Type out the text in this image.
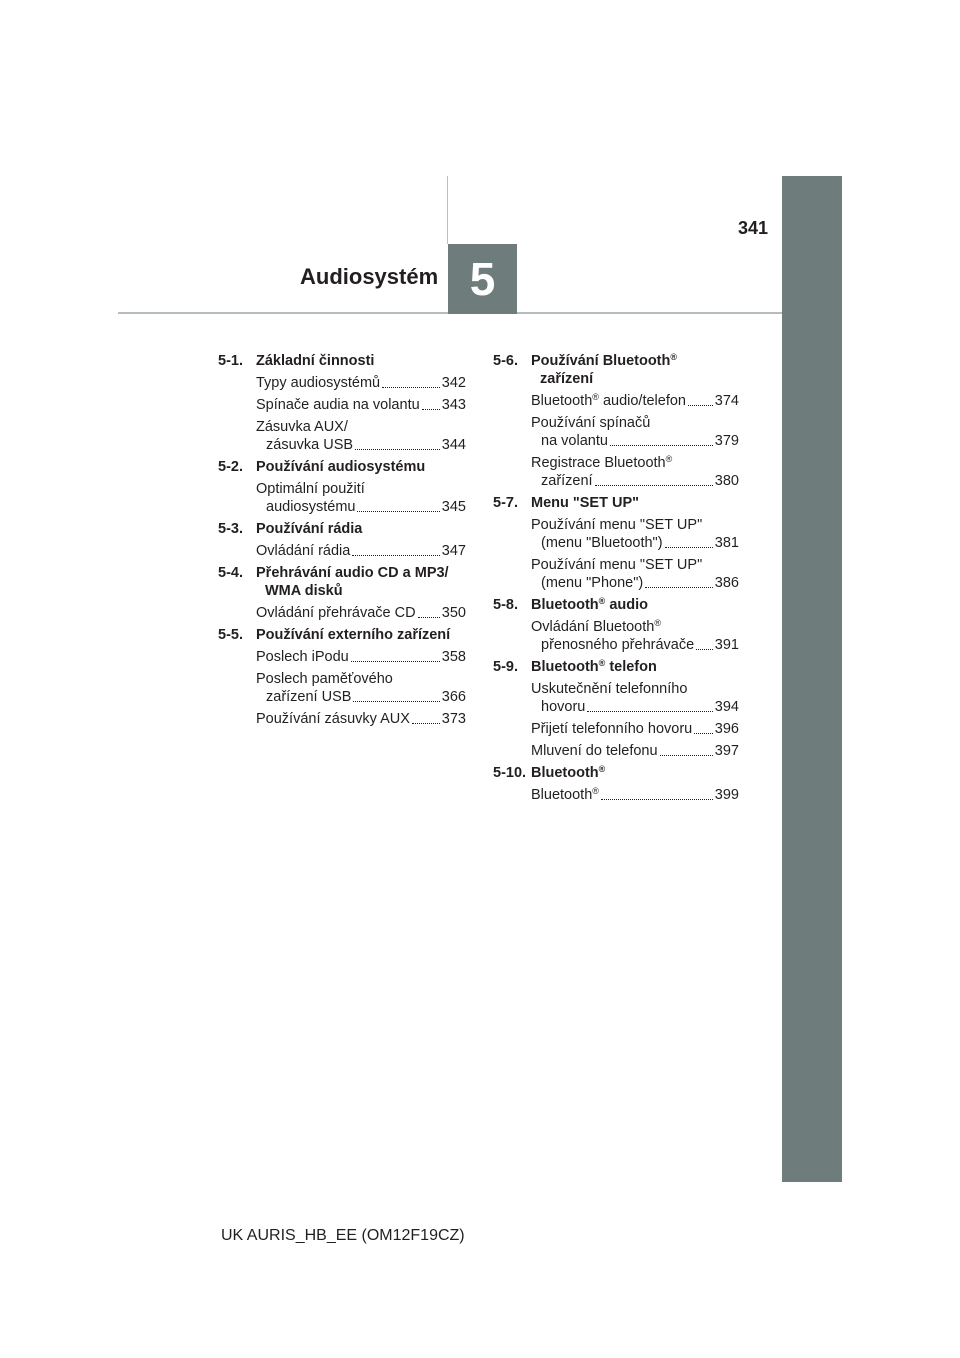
341
Audiosystém 5
5-1. Základní činnosti
Typy audiosystémů	342
Spínače audia na volantu 343
Zásuvka AUX/
zásuvka USB	344
5-2. Používání audiosystému
Optimální použití
audiosystému	345
5-3. Používání rádia
Ovládání rádia	347
5-4. Přehrávání audio CD a MP3/
WMA disků
Ovládání přehrávače CD 350
5-5. Používání externího zařízení
Poslech iPodu	358
Poslech paměťového
zařízení USB	366
Používání zásuvky AUX 373
5-6. Používání Bluetooth®
zařízení
Bluetooth® audio/telefon 374
Používání spínačů
na volantu	379
Registrace Bluetooth®
zařízení	380
5-7. Menu "SET UP"
Používání menu "SET UP"
(menu "Bluetooth")	381
Používání menu "SET UP"
(menu "Phone")	386
5-8. Bluetooth® audio
Ovládání Bluetooth®
přenosného přehrávače 391
5-9. Bluetooth® telefon
Uskutečnění telefonního
hovoru	394
Přijetí telefonního hovoru 396
Mluvení do telefonu	397
5-10. Bluetooth®
Bluetooth®	399
UK AURIS_HB_EE (OM12F19CZ)
